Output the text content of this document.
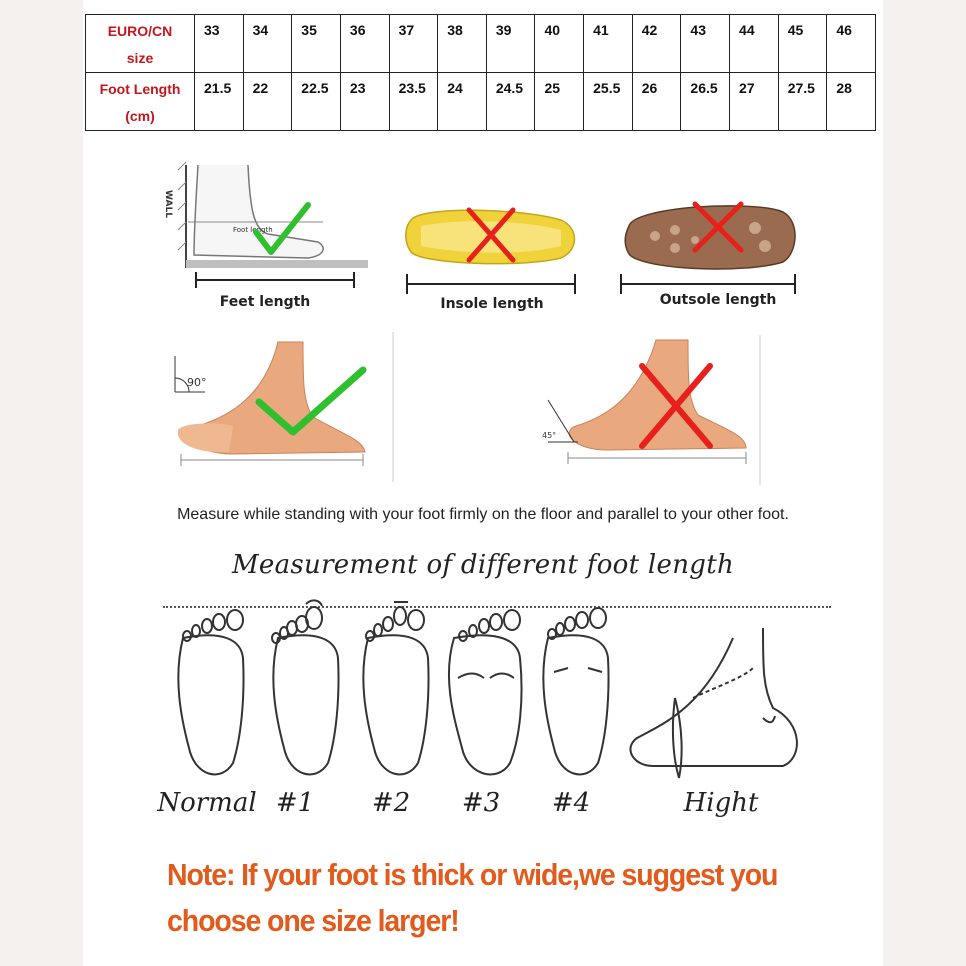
EURO/CN
size	33	34	35	36	37	38	39	40	41	42	43	44	45	46
Foot Length
(cm)	21.5	22	22.5	23	23.5	24	24.5	25	25.5	26	26.5	27	27.5	28
WALL
Foot length
Feet length	Insole length	Outsole length
90°
45°
Measure while standing with your foot firmly on the floor and parallel to your other foot.
Measurement of different foot length
Normal #1	#2	#3	#4	Hight
Note: If your foot is thick or wide,we suggest you
choose one size larger!
